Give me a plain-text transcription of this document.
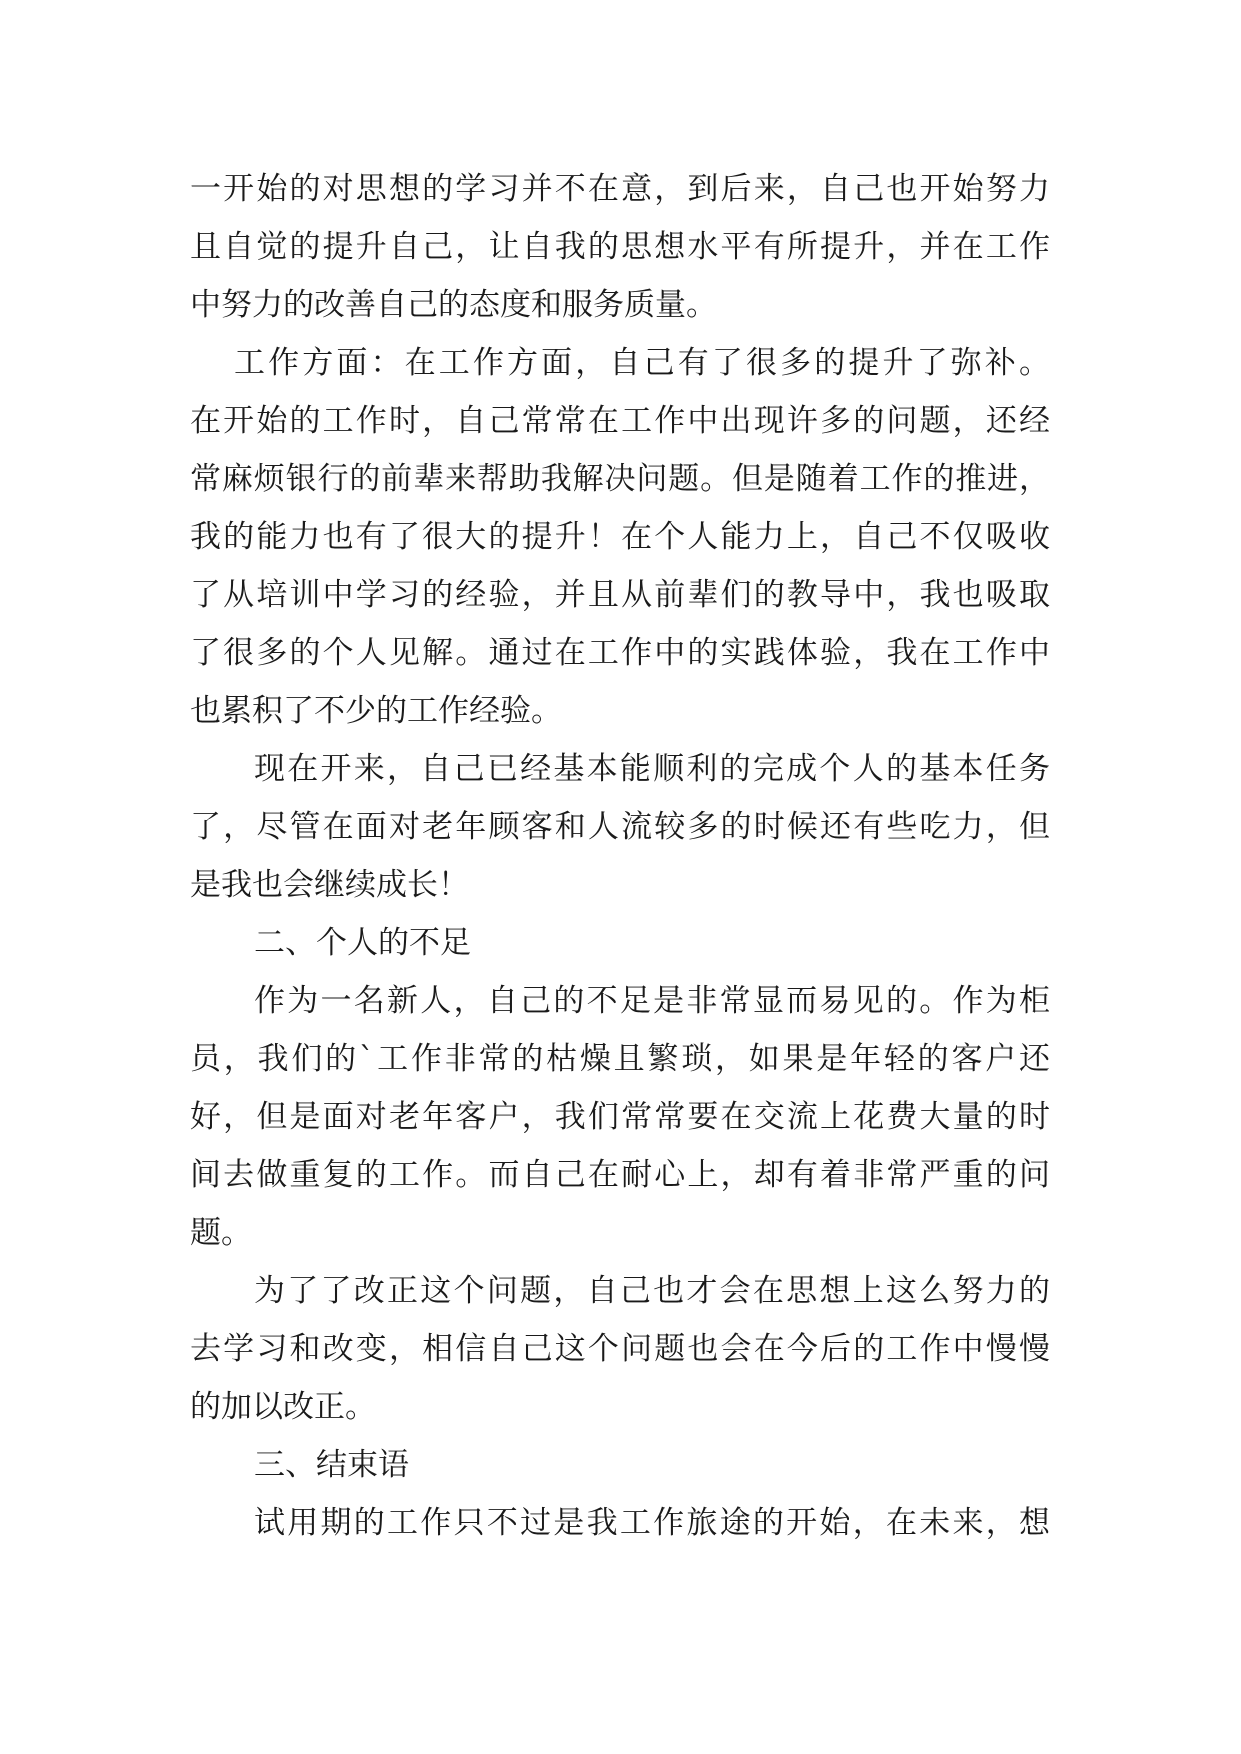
一开始的对思想的学习并不在意，到后来，自己也开始努力
且自觉的提升自己，让自我的思想水平有所提升，并在工作
中努力的改善自己的态度和服务质量。
工作方面：在工作方面，自己有了很多的提升了弥补。
在开始的工作时，自己常常在工作中出现许多的问题，还经
常麻烦银行的前辈来帮助我解决问题。但是随着工作的推进，
我的能力也有了很大的提升！在个人能力上，自己不仅吸收
了从培训中学习的经验，并且从前辈们的教导中，我也吸取
了很多的个人见解。通过在工作中的实践体验，我在工作中
也累积了不少的工作经验。
现在开来，自己已经基本能顺利的完成个人的基本任务
了，尽管在面对老年顾客和人流较多的时候还有些吃力，但
是我也会继续成长！
二、个人的不足
作为一名新人，自己的不足是非常显而易见的。作为柜
员，我们的`工作非常的枯燥且繁琐，如果是年轻的客户还
好，但是面对老年客户，我们常常要在交流上花费大量的时
间去做重复的工作。而自己在耐心上，却有着非常严重的问
题。
为了了改正这个问题，自己也才会在思想上这么努力的
去学习和改变，相信自己这个问题也会在今后的工作中慢慢
的加以改正。
三、结束语
试用期的工作只不过是我工作旅途的开始，在未来，想
